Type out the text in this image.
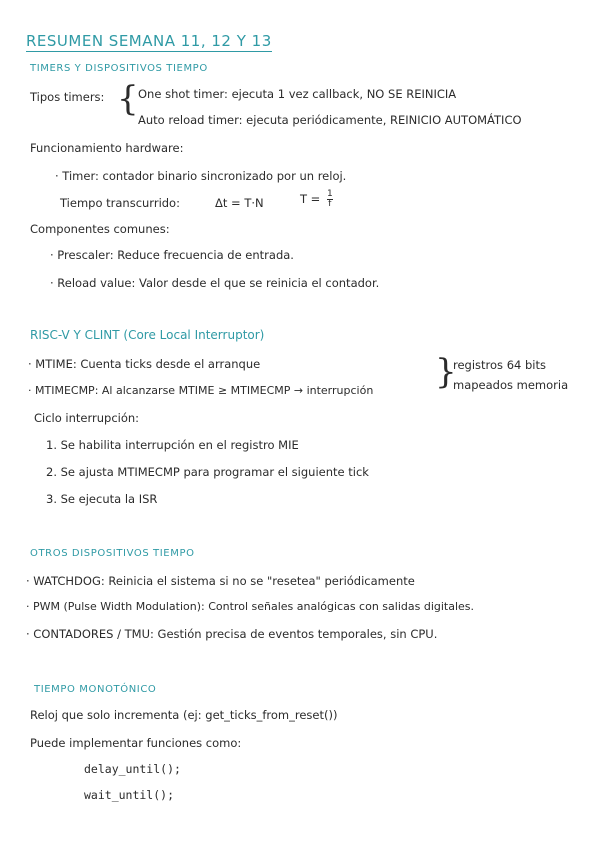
RESUMEN SEMANA 11, 12 Y 13
TIMERS Y DISPOSITIVOS TIEMPO
Tipos timers: { One shot timer: ejecuta 1 vez callback, NO SE REINICIA
Auto reload timer: ejecuta periódicamente, REINICIO AUTOMÁTICO
Funcionamiento hardware:
· Timer: contador binario sincronizado por un reloj.
Tiempo transcurrido:	Δt = T·N	$T = \frac{1}{f}$
Componentes comunes:
· Prescaler: Reduce frecuencia de entrada.
· Reload value: Valor desde el que se reinicia el contador.
RISC-V Y CLINT (Core Local Interruptor)
· MTIME: Cuenta ticks desde el arranque
· MTIMECMP: Al alcanzarse MTIME ≥ MTIMECMP → interrupción }
registros 64 bits
mapeados memoria
Ciclo interrupción:
1. Se habilita interrupción en el registro MIE
2. Se ajusta MTIMECMP para programar el siguiente tick
3. Se ejecuta la ISR
OTROS DISPOSITIVOS TIEMPO
· WATCHDOG: Reinicia el sistema si no se "resetea" periódicamente
· PWM (Pulse Width Modulation): Control señales analógicas con salidas digitales.
· CONTADORES / TMU: Gestión precisa de eventos temporales, sin CPU.
TIEMPO MONOTÓNICO
Reloj que solo incrementa (ej: get_ticks_from_reset())
Puede implementar funciones como:
delay_until();
wait_until();
